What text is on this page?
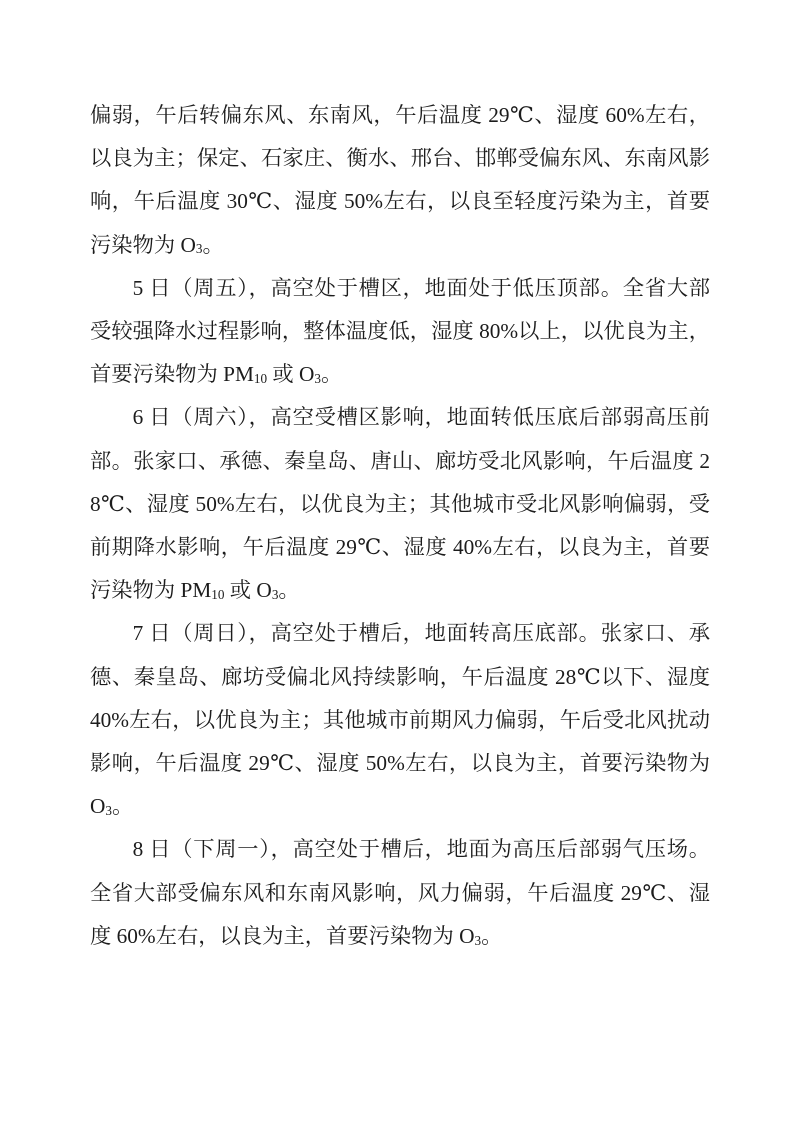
偏弱，午后转偏东风、东南风，午后温度 29℃、湿度 60%左右，以良为主；保定、石家庄、衡水、邢台、邯郸受偏东风、东南风影响，午后温度 30℃、湿度 50%左右，以良至轻度污染为主，首要污染物为 $O_3$。

5 日（周五），高空处于槽区，地面处于低压顶部。全省大部受较强降水过程影响，整体温度低，湿度 80%以上，以优良为主，首要污染物为 $PM_{10}$ 或 $O_3$。

6 日（周六），高空受槽区影响，地面转低压底后部弱高压前部。张家口、承德、秦皇岛、唐山、廊坊受北风影响，午后温度 28℃、湿度 50%左右，以优良为主；其他城市受北风影响偏弱，受前期降水影响，午后温度 29℃、湿度 40%左右，以良为主，首要污染物为 $PM_{10}$ 或 $O_3$。

7 日（周日），高空处于槽后，地面转高压底部。张家口、承德、秦皇岛、廊坊受偏北风持续影响，午后温度 28℃以下、湿度 40%左右，以优良为主；其他城市前期风力偏弱，午后受北风扰动影响，午后温度 29℃、湿度 50%左右，以良为主，首要污染物为 $O_3$。

8 日（下周一），高空处于槽后，地面为高压后部弱气压场。全省大部受偏东风和东南风影响，风力偏弱，午后温度 29℃、湿度 60%左右，以良为主，首要污染物为 $O_3$。
